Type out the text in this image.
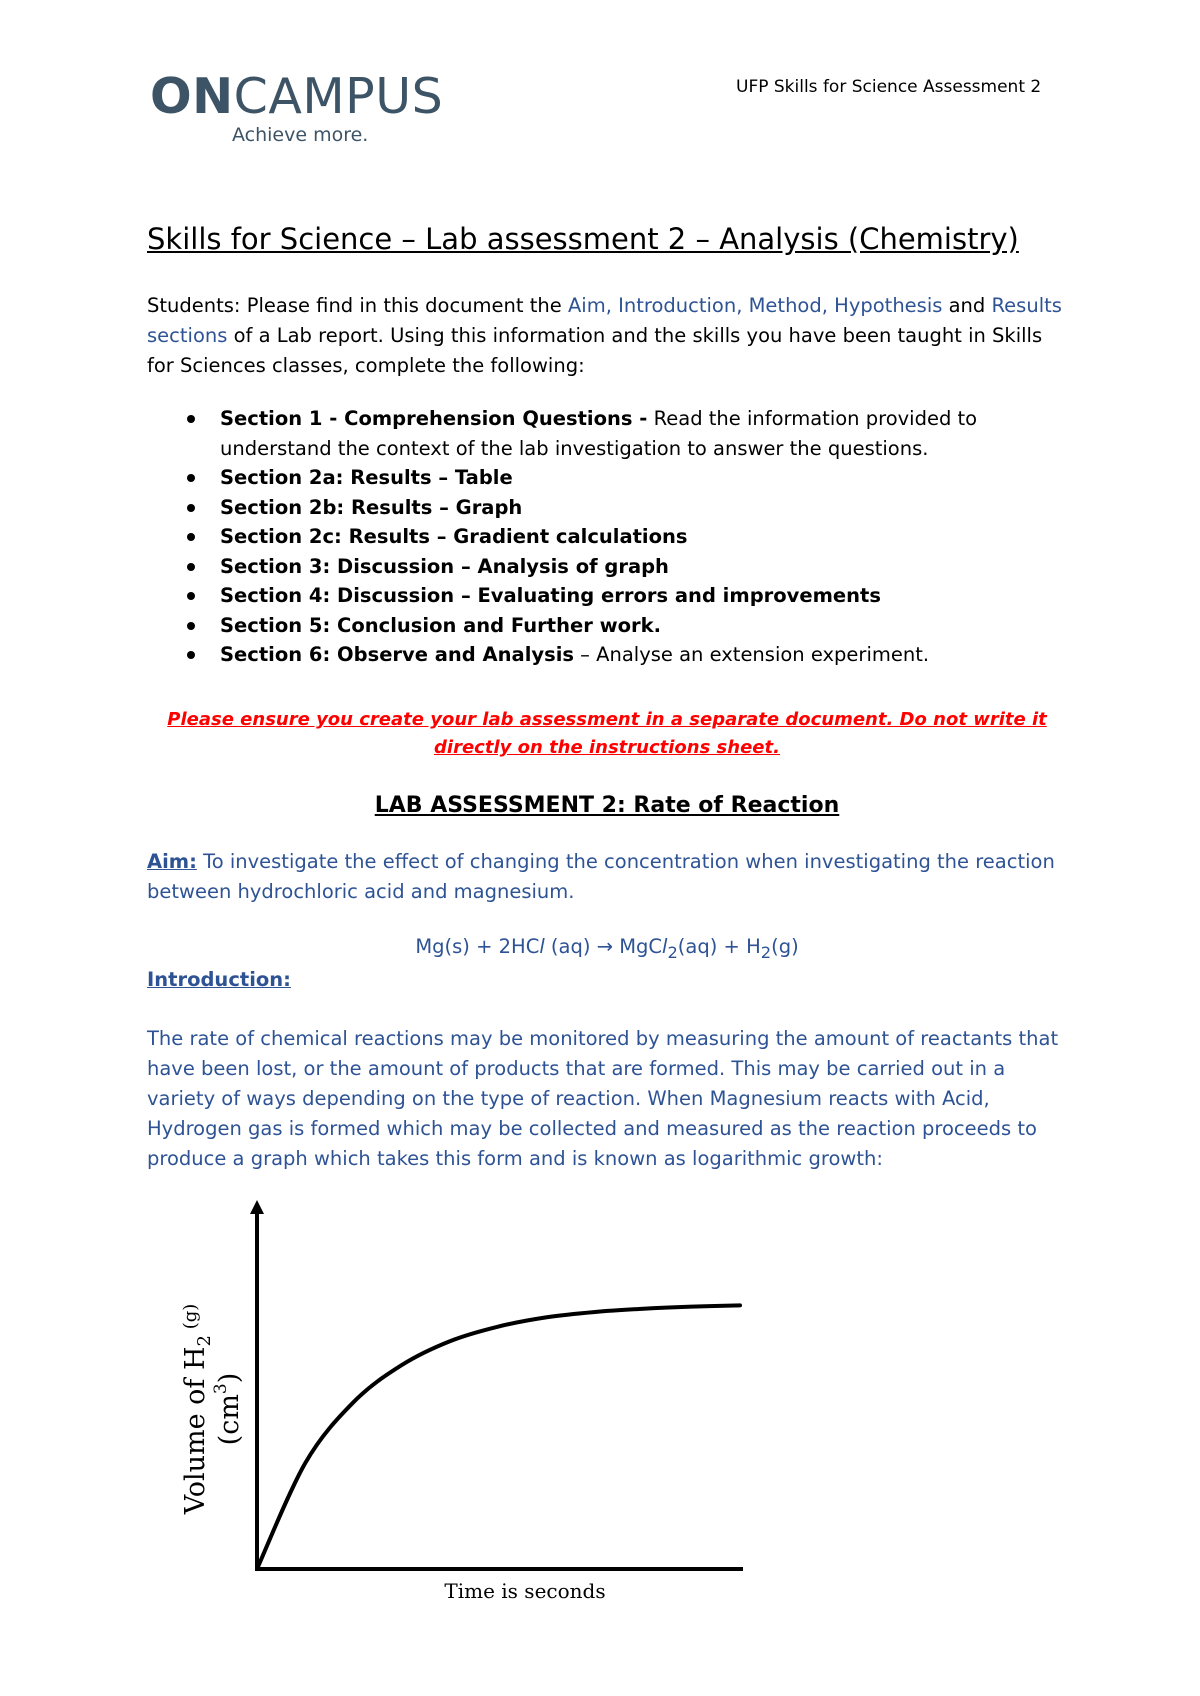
ONCAMPUS
Achieve more.
UFP Skills for Science Assessment 2
Skills for Science – Lab assessment 2 – Analysis (Chemistry)
Students: Please find in this document the Aim, Introduction, Method, Hypothesis and Results sections of a Lab report. Using this information and the skills you have been taught in Skills for Sciences classes, complete the following:
Section 1 - Comprehension Questions - Read the information provided to understand the context of the lab investigation to answer the questions.
Section 2a: Results – Table
Section 2b: Results – Graph
Section 2c: Results – Gradient calculations
Section 3: Discussion – Analysis of graph
Section 4: Discussion – Evaluating errors and improvements
Section 5: Conclusion and Further work.
Section 6: Observe and Analysis – Analyse an extension experiment.
Please ensure you create your lab assessment in a separate document. Do not write it directly on the instructions sheet.
LAB ASSESSMENT 2: Rate of Reaction
Aim: To investigate the effect of changing the concentration when investigating the reaction between hydrochloric acid and magnesium.
Mg(s) + 2HCl (aq) → MgCl$_2$(aq) + $H_2(g)$
Introduction:
The rate of chemical reactions may be monitored by measuring the amount of reactants that have been lost, or the amount of products that are formed. This may be carried out in a variety of ways depending on the type of reaction. When Magnesium reacts with Acid, Hydrogen gas is formed which may be collected and measured as the reaction proceeds to produce a graph which takes this form and is known as logarithmic growth:
Volume of $H_2$ $^{(g)}$
$(cm^3)$
Time is seconds
